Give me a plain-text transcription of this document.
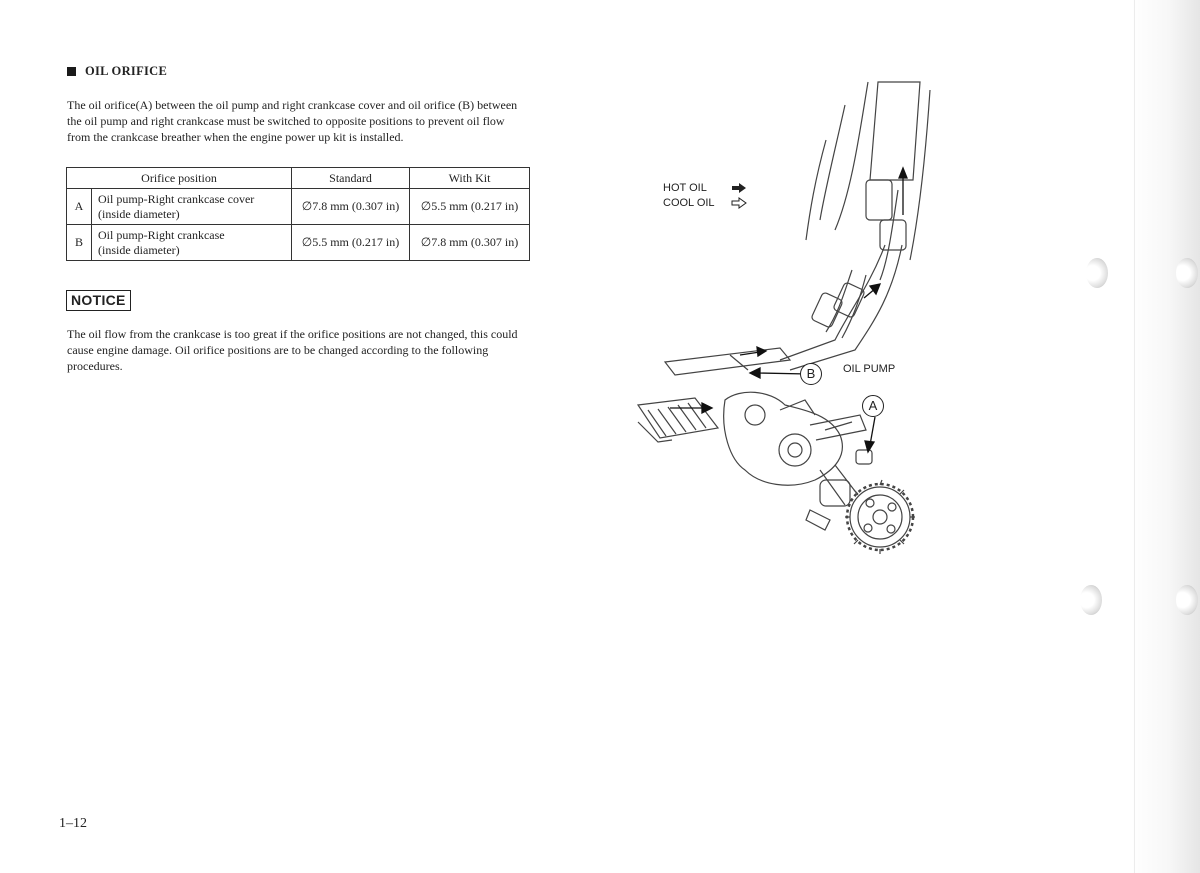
OIL ORIFICE

The oil orifice(A) between the oil pump and right crankcase cover and oil orifice (B) between the oil pump and right crankcase must be switched to opposite positions to prevent oil flow from the crankcase breather when the engine power up kit is installed.

Orifice position		Standard	With Kit
A	Oil pump-Right crankcase cover
(inside diameter)	∅7.8 mm (0.307 in)	∅5.5 mm (0.217 in)
B	Oil pump-Right crankcase
(inside diameter)	∅5.5 mm (0.217 in)	∅7.8 mm (0.307 in)
NOTICE

The oil flow from the crankcase is too great if the orifice positions are not changed, this could cause engine damage. Oil orifice positions are to be changed according to the following procedures.

1–12
HOT OIL
COOL OIL
OIL PUMP
B
A
